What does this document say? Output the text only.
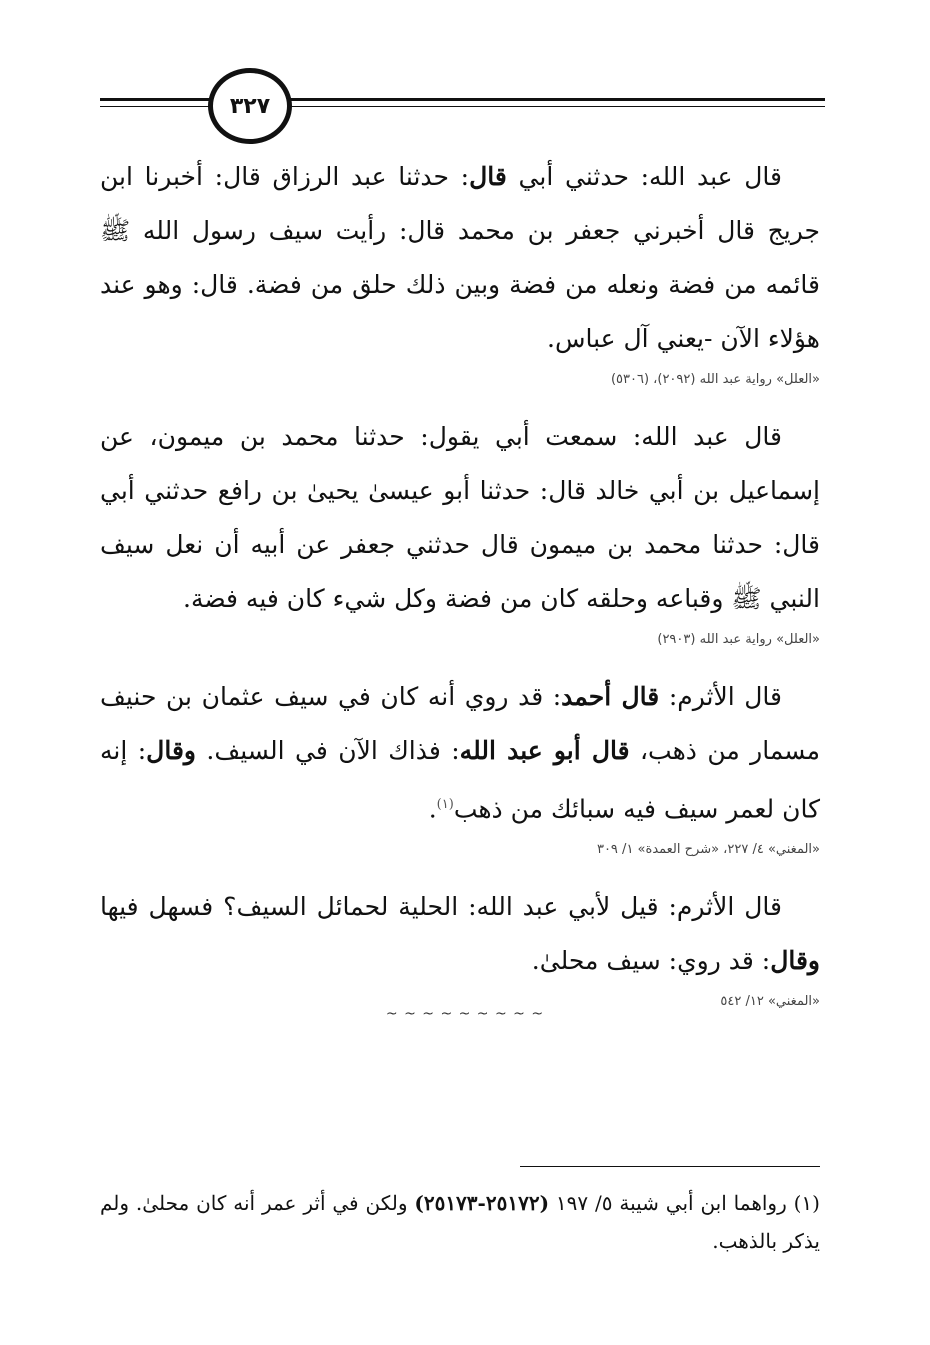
٣٢٧

قال عبد الله: حدثني أبي قال: حدثنا عبد الرزاق قال: أخبرنا ابن جريج قال أخبرني جعفر بن محمد قال: رأيت سيف رسول الله ﷺ قائمه من فضة ونعله من فضة وبين ذلك حلق من فضة. قال: وهو عند هؤلاء الآن -يعني آل عباس.

«العلل» رواية عبد الله (٢٠٩٢)، (٥٣٠٦)

قال عبد الله: سمعت أبي يقول: حدثنا محمد بن ميمون، عن إسماعيل بن أبي خالد قال: حدثنا أبو عيسىٰ يحيىٰ بن رافع حدثني أبي قال: حدثنا محمد بن ميمون قال حدثني جعفر عن أبيه أن نعل سيف النبي ﷺ وقباعه وحلقه كان من فضة وكل شيء كان فيه فضة.

«العلل» رواية عبد الله (٢٩٠٣)

قال الأثرم: قال أحمد: قد روي أنه كان في سيف عثمان بن حنيف مسمار من ذهب، قال أبو عبد الله: فذاك الآن في السيف. وقال: إنه كان لعمر سيف فيه سبائك من ذهب$^{(١)}$.

«المغني» ٤/ ٢٢٧، «شرح العمدة» ١/ ٣٠٩

قال الأثرم: قيل لأبي عبد الله: الحلية لحمائل السيف؟ فسهل فيها وقال: قد روي: سيف محلىٰ.

«المغني» ١٢/ ٥٤٢
~ ~ ~ ~ ~ ~ ~ ~ ~
(١) رواهما ابن أبي شيبة ٥/ ١٩٧ (٢٥١٧٢-٢٥١٧٣) ولكن في أثر عمر أنه كان محلىٰ. ولم يذكر بالذهب.
